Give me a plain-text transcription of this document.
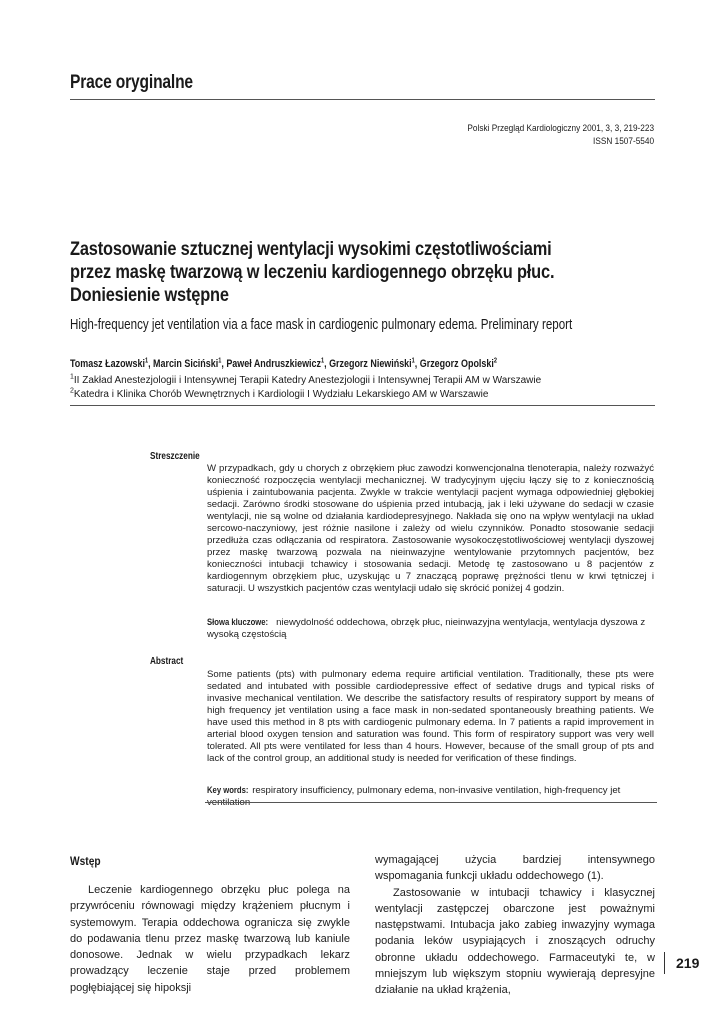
Prace oryginalne
Polski Przegląd Kardiologiczny 2001, 3, 3, 219-223
ISSN 1507-5540
Zastosowanie sztucznej wentylacji wysokimi częstotliwościami
przez maskę twarzową w leczeniu kardiogennego obrzęku płuc.
Doniesienie wstępne
High-frequency jet ventilation via a face mask in cardiogenic pulmonary edema. Preliminary report
Tomasz Łazowski$^1$, Marcin Siciński$^1$, Paweł Andruszkiewicz$^1$, Grzegorz Niewiński$^1$, Grzegorz Opolski$^2$
$^1$II Zakład Anestezjologii i Intensywnej Terapii Katedry Anestezjologii i Intensywnej Terapii AM w Warszawie
$^2$Katedra i Klinika Chorób Wewnętrznych i Kardiologii I Wydziału Lekarskiego AM w Warszawie
Streszczenie
W przypadkach, gdy u chorych z obrzękiem płuc zawodzi konwencjonalna tlenoterapia, należy rozważyć konieczność rozpoczęcia wentylacji mechanicznej. W tradycyjnym ujęciu łączy się to z koniecznością uśpienia i zaintubowania pacjenta. Zwykle w trakcie wentylacji pacjent wymaga odpowiedniej głębokiej sedacji. Zarówno środki stosowane do uśpienia przed intubacją, jak i leki używane do sedacji w czasie wentylacji, nie są wolne od działania kardiodepresyjnego. Nakłada się ono na wpływ wentylacji na układ sercowo-naczyniowy, jest różnie nasilone i zależy od wielu czynników. Ponadto stosowanie sedacji przedłuża czas odłączania od respiratora. Zastosowanie wysokoczęstotliwościowej wentylacji dyszowej przez maskę twarzową pozwala na nieinwazyjne wentylowanie przytomnych pacjentów, bez konieczności intubacji tchawicy i stosowania sedacji. Metodę tę zastosowano u 8 pacjentów z kardiogennym obrzękiem płuc, uzyskując u 7 znaczącą poprawę prężności tlenu w krwi tętniczej i saturacji. U wszystkich pacjentów czas wentylacji udało się skrócić poniżej 4 godzin.
Słowa kluczowe: niewydolność oddechowa, obrzęk płuc, nieinwazyjna wentylacja, wentylacja dyszowa z wysoką częstością
Abstract
Some patients (pts) with pulmonary edema require artificial ventilation. Traditionally, these pts were sedated and intubated with possible cardiodepressive effect of sedative drugs and typical risks of invasive mechanical ventilation. We describe the satisfactory results of respiratory support by means of high frequency jet ventilation using a face mask in non-sedated spontaneously breathing patients. We have used this method in 8 pts with cardiogenic pulmonary edema. In 7 patients a rapid improvement in arterial blood oxygen tension and saturation was found. This form of respiratory support was very well tolerated. All pts were ventilated for less than 4 hours. However, because of the small group of pts and lack of the control group, an additional study is needed for verification of these findings.
Key words: respiratory insufficiency, pulmonary edema, non-invasive ventilation, high-frequency jet
Wstęp

Leczenie kardiogennego obrzęku płuc polega na przywróceniu równowagi między krążeniem płucnym i systemowym. Terapia oddechowa ogranicza się zwykle do podawania tlenu przez maskę twarzową lub kaniule donosowe. Jednak w wielu przypadkach lekarz prowadzący leczenie staje przed problemem pogłębiającej się hipoksji

wymagającej użycia bardziej intensywnego wspomagania funkcji układu oddechowego (1).

Zastosowanie w intubacji tchawicy i klasycznej wentylacji zastępczej obarczone jest poważnymi następstwami. Intubacja jako zabieg inwazyjny wymaga podania leków usypiających i znoszących odruchy obronne układu oddechowego. Farmaceutyki te, w mniejszym lub większym stopniu wywierają depresyjne działanie na układ krążenia,

219
